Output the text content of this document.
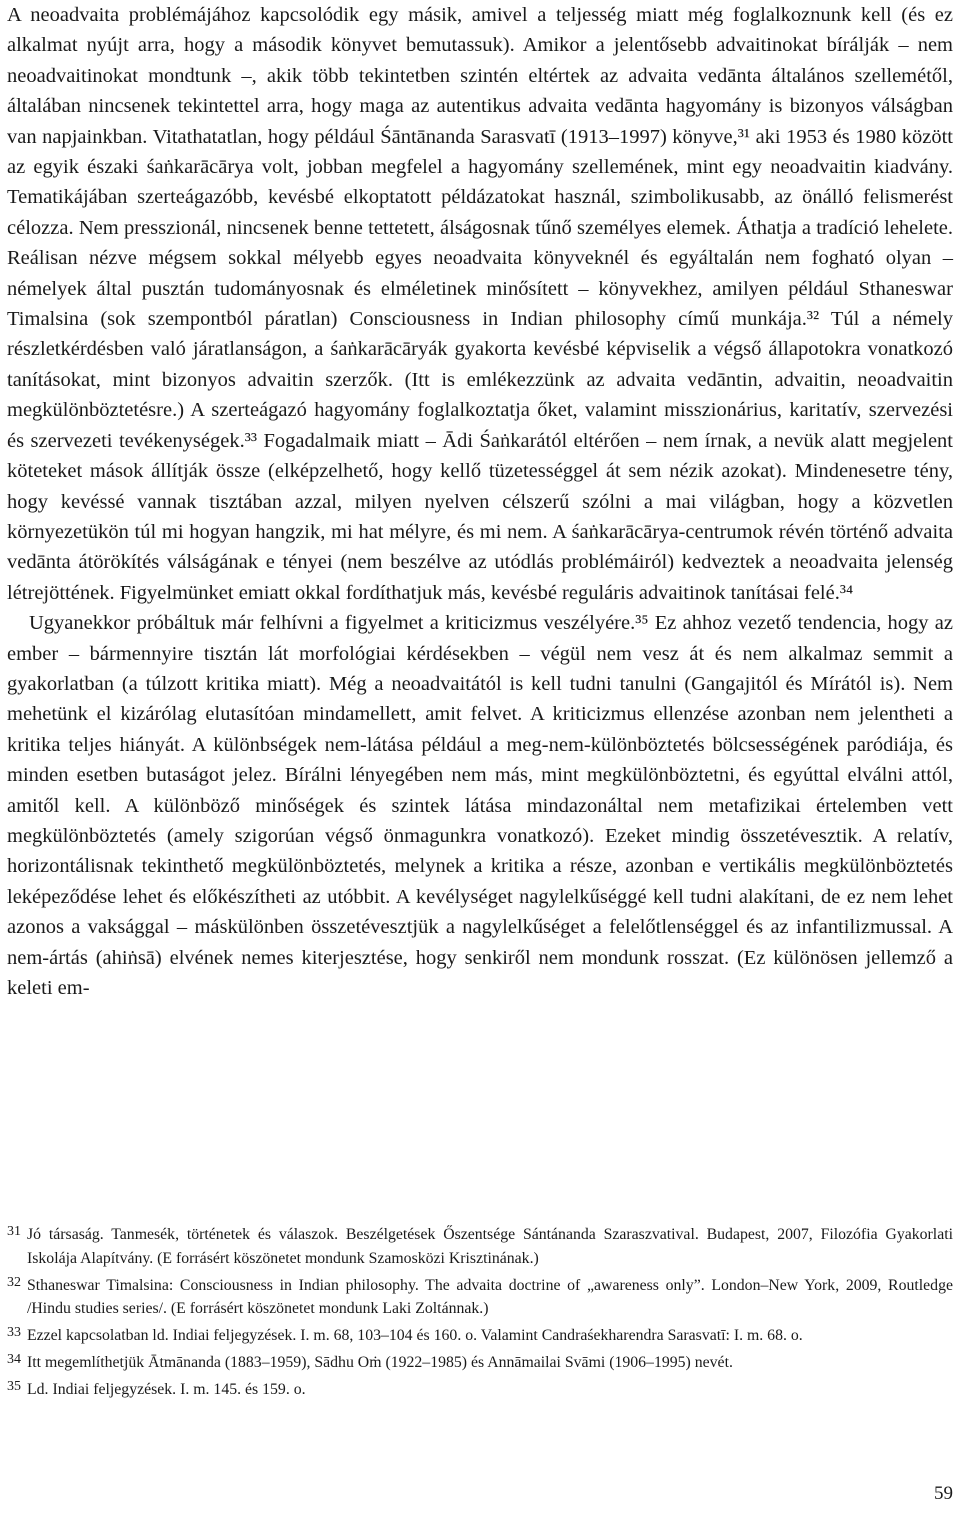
A neoadvaita problémájához kapcsolódik egy másik, amivel a teljesség miatt még foglalkoznunk kell (és ez alkalmat nyújt arra, hogy a második könyvet bemutassuk). Amikor a jelentősebb advaitinokat bírálják – nem neoadvaitinokat mondtunk –, akik több tekintetben szintén eltértek az advaita vedānta általános szellemétől, általában nincsenek tekintettel arra, hogy maga az autentikus advaita vedānta hagyomány is bizonyos válságban van napjainkban. Vitathatatlan, hogy például Śāntānanda Sarasvatī (1913–1997) könyve,³¹ aki 1953 és 1980 között az egyik északi śaṅkarācārya volt, jobban megfelel a hagyomány szellemének, mint egy neoadvaitin kiadvány. Tematikájában szerteágazóbb, kevésbé elkoptatott példázatokat használ, szimbolikusabb, az önálló felismerést célozza. Nem presszionál, nincsenek benne tettetett, álságosnak tűnő személyes elemek. Áthatja a tradíció lehelete. Reálisan nézve mégsem sokkal mélyebb egyes neoadvaita könyveknél és egyáltalán nem fogható olyan – némelyek által pusztán tudományosnak és elméletinek minősített – könyvekhez, amilyen például Sthaneswar Timalsina (sok szempontból páratlan) Consciousness in Indian philosophy című munkája.³² Túl a némely részletkérdésben való járatlanságon, a śaṅkarācāryák gyakorta kevésbé képviselik a végső állapotokra vonatkozó tanításokat, mint bizonyos advaitin szerzők. (Itt is emlékezzünk az advaita vedāntin, advaitin, neoadvaitin megkülönböztetésre.) A szerteágazó hagyomány foglalkoztatja őket, valamint misszionárius, karitatív, szervezési és szervezeti tevékenységek.³³ Fogadalmaik miatt – Ādi Śaṅkarától eltérően – nem írnak, a nevük alatt megjelent köteteket mások állítják össze (elképzelhető, hogy kellő tüzetességgel át sem nézik azokat). Mindenesetre tény, hogy kevéssé vannak tisztában azzal, milyen nyelven célszerű szólni a mai világban, hogy a közvetlen környezetükön túl mi hogyan hangzik, mi hat mélyre, és mi nem. A śaṅkarācārya-centrumok révén történő advaita vedānta átörökítés válságának e tényei (nem beszélve az utódlás problémáiról) kedveztek a neoadvaita jelenség létrejöttének. Figyelmünket emiatt okkal fordíthatjuk más, kevésbé reguláris advaitinok tanításai felé.³⁴

Ugyanekkor próbáltuk már felhívni a figyelmet a kriticizmus veszélyére.³⁵ Ez ahhoz vezető tendencia, hogy az ember – bármennyire tisztán lát morfológiai kérdésekben – végül nem vesz át és nem alkalmaz semmit a gyakorlatban (a túlzott kritika miatt). Még a neoadvaitától is kell tudni tanulni (Gangajitól és Mírától is). Nem mehetünk el kizárólag elutasítóan mindamellett, amit felvet. A kriticizmus ellenzése azonban nem jelentheti a kritika teljes hiányát. A különbségek nem-látása például a meg-nem-különböztetés bölcsességének paródiája, és minden esetben butaságot jelez. Bírálni lényegében nem más, mint megkülönböztetni, és egyúttal elválni attól, amitől kell. A különböző minőségek és szintek látása mindazonáltal nem metafizikai értelemben vett megkülönböztetés (amely szigorúan végső önmagunkra vonatkozó). Ezeket mindig összetévesztik. A relatív, horizontálisnak tekinthető megkülönböztetés, melynek a kritika a része, azonban e vertikális megkülönböztetés leképeződése lehet és előkészítheti az utóbbit. A kevélységet nagylelkűséggé kell tudni alakítani, de ez nem lehet azonos a vaksággal – máskülönben összetévesztjük a nagylelkűséget a felelőtlenséggel és az infantilizmussal. A nem-ártás (ahiṅsā) elvének nemes kiterjesztése, hogy senkiről nem mondunk rosszat. (Ez különösen jellemző a keleti em-

31 Jó társaság. Tanmesék, történetek és válaszok. Beszélgetések Őszentsége Sántánanda Szaraszvatival. Budapest, 2007, Filozófia Gyakorlati Iskolája Alapítvány. (E forrásért köszönetet mondunk Szamosközi Krisztinának.)

32 Sthaneswar Timalsina: Consciousness in Indian philosophy. The advaita doctrine of „awareness only”. London–New York, 2009, Routledge /Hindu studies series/. (E forrásért köszönetet mondunk Laki Zoltánnak.)

33 Ezzel kapcsolatban ld. Indiai feljegyzések. I. m. 68, 103–104 és 160. o. Valamint Candraśekharendra Sarasvatī: I. m. 68. o.

34 Itt megemlíthetjük Ātmānanda (1883–1959), Sādhu Oṁ (1922–1985) és Annāmailai Svāmi (1906–1995) nevét.

35 Ld. Indiai feljegyzések. I. m. 145. és 159. o.

59
